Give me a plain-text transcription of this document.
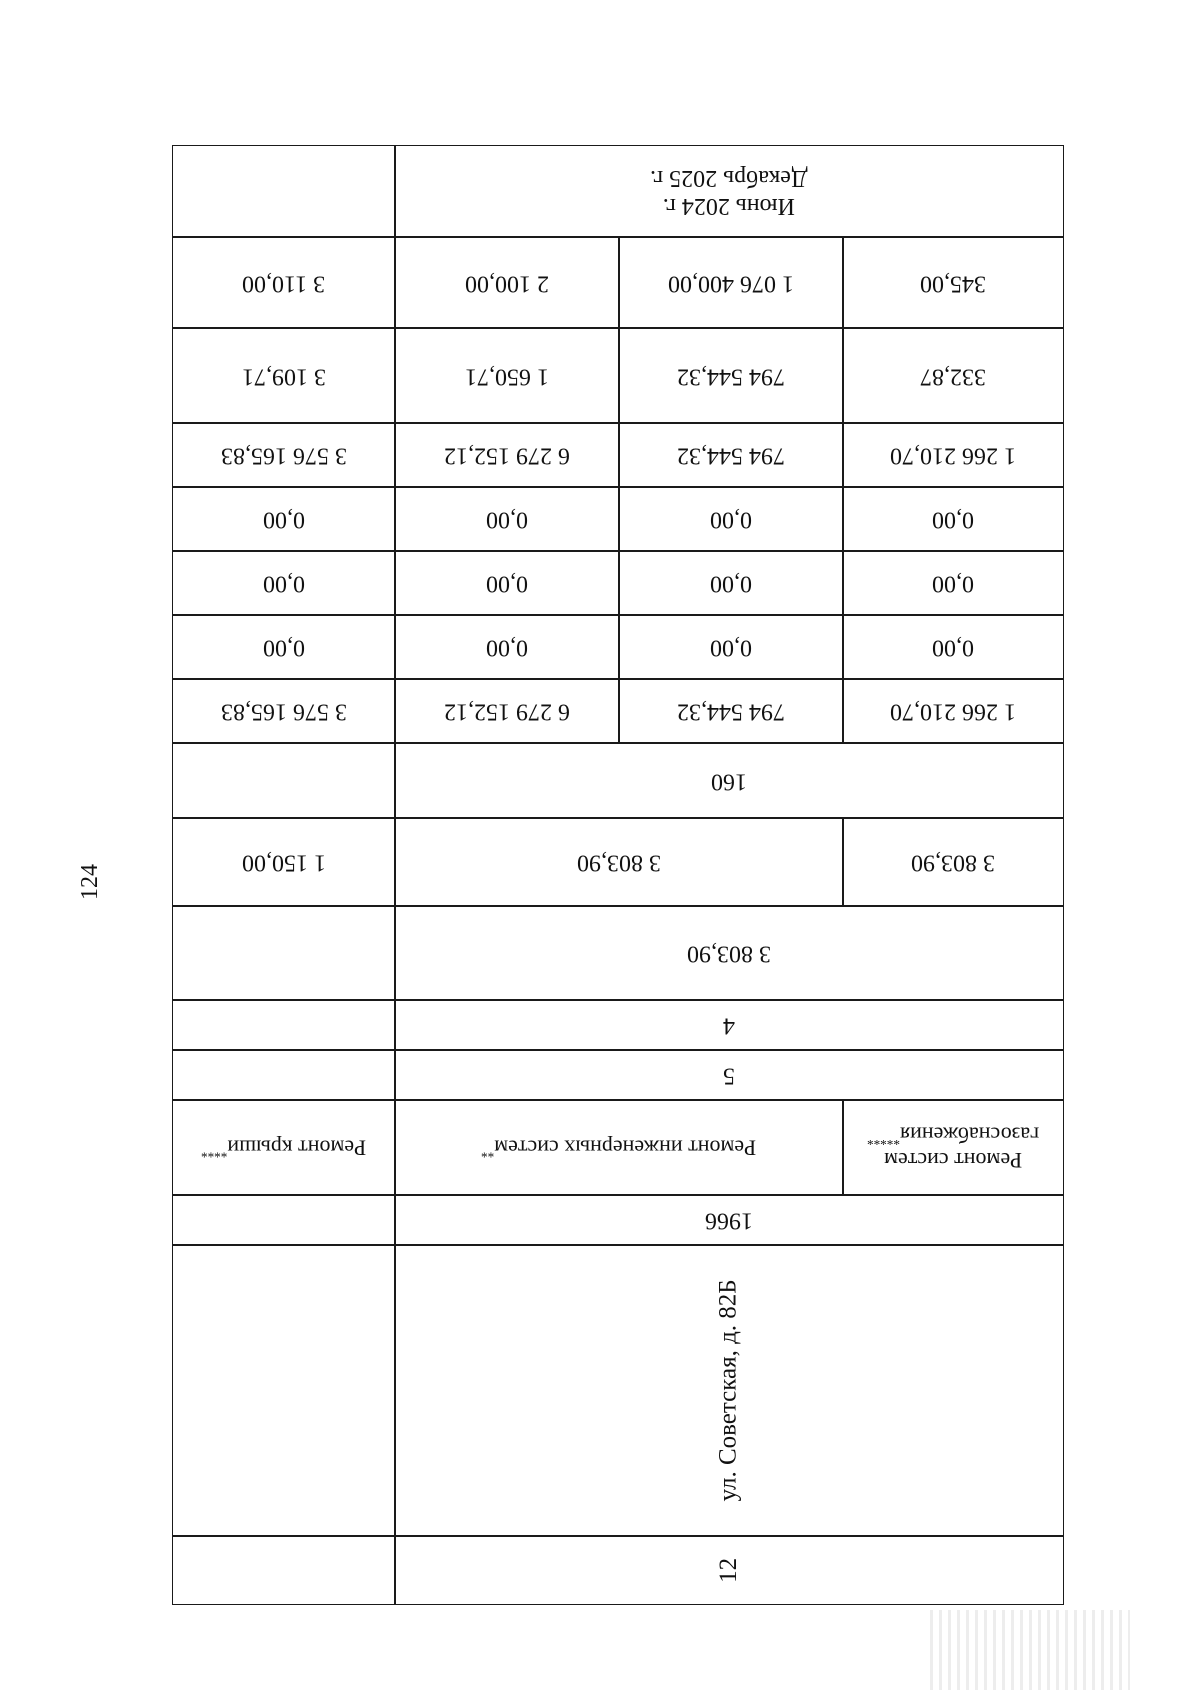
124
Июнь 2024 г.
Декабрь 2025 г.
3 110,00	2 100,00	1 076 400,00	345,00
3 109,71	1 650,71	794 544,32	332,87
3 576 165,83	6 279 152,12	794 544,32	1 266 210,70
0,00	0,00	0,00	0,00
0,00	0,00	0,00	0,00
0,00	0,00	0,00	0,00
3 576 165,83	6 279 152,12	794 544,32	1 266 210,70
160
1 150,00	3 803,90	3 803,90
3 803,90
4
5
Ремонт крыши****	Ремонт инженерных систем**	Ремонт систем
газоснабжения*****
1966
ул. Советская, д. 82Б
12
